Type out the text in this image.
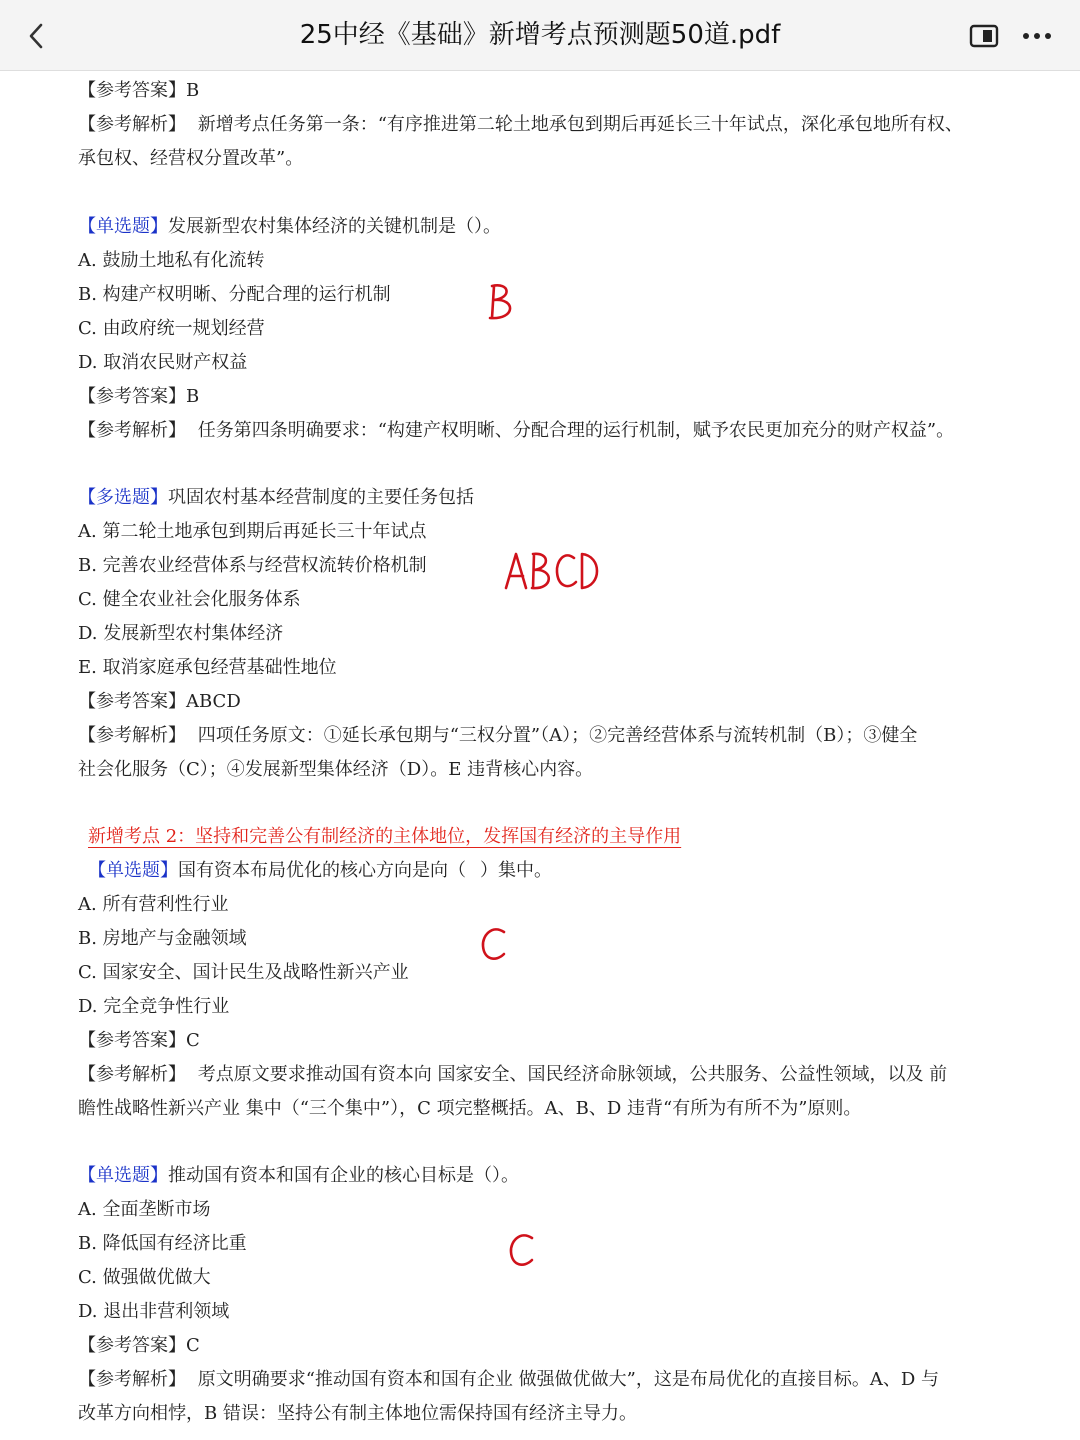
25中经《基础》新增考点预测题50道.pdf
【参考答案】B
【参考解析】 新增考点任务第一条：“有序推进第二轮土地承包到期后再延长三十年试点，深化承包地所有权、
承包权、经营权分置改革”。
【单选题】发展新型农村集体经济的关键机制是（）。
A. 鼓励土地私有化流转
B. 构建产权明晰、分配合理的运行机制
C. 由政府统一规划经营
D. 取消农民财产权益
【参考答案】B
【参考解析】 任务第四条明确要求：“构建产权明晰、分配合理的运行机制，赋予农民更加充分的财产权益”。
【多选题】巩固农村基本经营制度的主要任务包括
A. 第二轮土地承包到期后再延长三十年试点
B. 完善农业经营体系与经营权流转价格机制
C. 健全农业社会化服务体系
D. 发展新型农村集体经济
E. 取消家庭承包经营基础性地位
【参考答案】ABCD
【参考解析】 四项任务原文：①延长承包期与“三权分置”（A）；②完善经营体系与流转机制（B）；③健全
社会化服务（C）；④发展新型集体经济（D）。E 违背核心内容。
新增考点 2：坚持和完善公有制经济的主体地位，发挥国有经济的主导作用
【单选题】国有资本布局优化的核心方向是向（ ）集中。
A. 所有营利性行业
B. 房地产与金融领域
C. 国家安全、国计民生及战略性新兴产业
D. 完全竞争性行业
【参考答案】C
【参考解析】 考点原文要求推动国有资本向 国家安全、国民经济命脉领域，公共服务、公益性领域，以及 前
瞻性战略性新兴产业 集中（“三个集中”），C 项完整概括。A、B、D 违背“有所为有所不为”原则。
【单选题】推动国有资本和国有企业的核心目标是（）。
A. 全面垄断市场
B. 降低国有经济比重
C. 做强做优做大
D. 退出非营利领域
【参考答案】C
【参考解析】 原文明确要求“推动国有资本和国有企业 做强做优做大”，这是布局优化的直接目标。A、D 与
改革方向相悖，B 错误：坚持公有制主体地位需保持国有经济主导力。
